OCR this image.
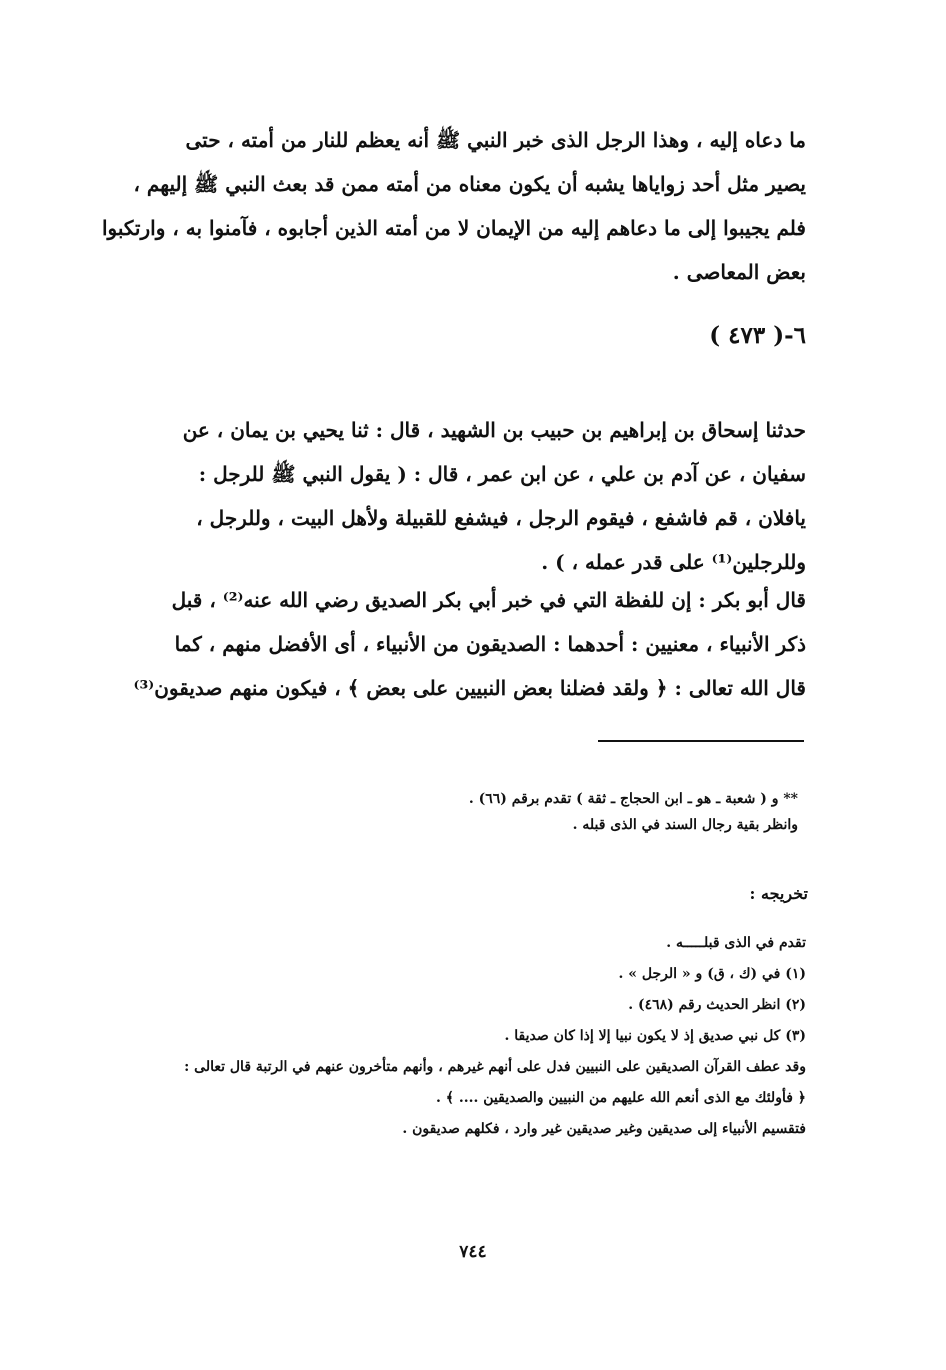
ما دعاه إليه ، وهذا الرجل الذى خبر النبي ﷺ أنه يعظم للنار من أمته ، حتى
يصير مثل أحد زواياها يشبه أن يكون معناه من أمته ممن قد بعث النبي ﷺ إليهم ،
فلم يجيبوا إلى ما دعاهم إليه من الإيمان لا من أمته الذين أجابوه ، فآمنوا به ، وارتكبوا
بعض المعاصى .
٦-( ٤٧٣ )
حدثنا إسحاق بن إبراهيم بن حبيب بن الشهيد ، قال : ثنا يحيي بن يمان ، عن
سفيان ، عن آدم بن علي ، عن ابن عمر ، قال : ( يقول النبي ﷺ للرجل :
يافلان ، قم فاشفع ، فيقوم الرجل ، فيشفع للقبيلة ولأهل البيت ، وللرجل ،
وللرجلين⁽¹⁾ على قدر عمله ، ) .
قال أبو بكر : إن للفظة التي في خبر أبي بكر الصديق رضي الله عنه⁽²⁾ ، قبل
ذكر الأنبياء ، معنيين : أحدهما : الصديقون من الأنبياء ، أى الأفضل منهم ، كما
قال الله تعالى : ﴿ ولقد فضلنا بعض النبيين على بعض ﴾ ، فيكون منهم صديقون⁽³⁾
** و ( شعبة ـ هو ـ ابن الحجاج ـ ثقة ) تقدم برقم (٦٦) .
وانظر بقية رجال السند في الذى قبله .
تخريجه :
تقدم في الذى قبلـــــه .
(١) في (ك ، ق) و « الرجل » .
(٢) انظر الحديث رقم (٤٦٨) .
(٣) كل نبي صديق إذ لا يكون نبيا إلا إذا كان صديقا .
وقد عطف القرآن الصديقين على النبيين فدل على أنهم غيرهم ، وأنهم متأخرون عنهم في الرتبة قال تعالى :
﴿ فأولئك مع الذى أنعم الله عليهم من النبيين والصديقين .... ﴾ .
فتقسيم الأنبياء إلى صديقين وغير صديقين غير وارد ، فكلهم صديقون .
٧٤٤
